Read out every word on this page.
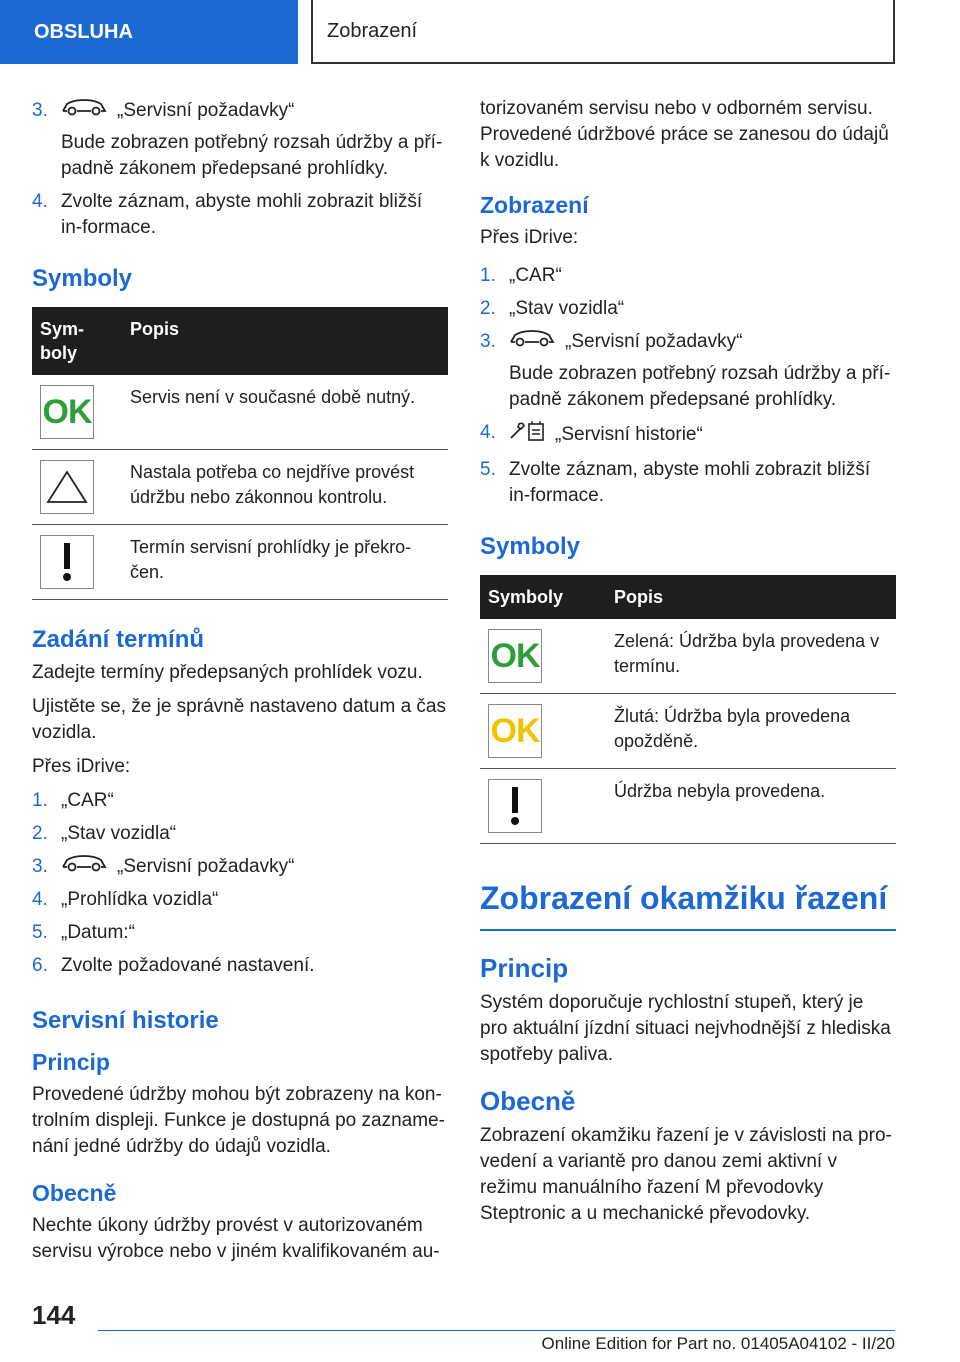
OBSLUHA	Zobrazení
3.	„Servisní požadavky“
Bude zobrazen potřebný rozsah údržby a pří-padně zákonem předepsané prohlídky.
4. Zvolte záznam, abyste mohli zobrazit bližší in-formace.
Symboly
Sym-boly	Popis

OK	Servis není v současné době nutný.

	Nastala potřeba co nejdříve provést údržbu nebo zákonnou kontrolu.

	Termín servisní prohlídky je překro-čen.
Zadání termínů

Zadejte termíny předepsaných prohlídek vozu.

Ujistěte se, že je správně nastaveno datum a čas vozidla.

Přes iDrive:

1. „CAR“
2. „Stav vozidla“
3.	„Servisní požadavky“
4. „Prohlídka vozidla“
5. „Datum:“
6. Zvolte požadované nastavení.
Servisní historie
Princip

Provedené údržby mohou být zobrazeny na kon-trolním displeji. Funkce je dostupná po zazname-nání jedné údržby do údajů vozidla.

Obecně

Nechte úkony údržby provést v autorizovaném servisu výrobce nebo v jiném kvalifikovaném au-

torizovaném servisu nebo v odborném servisu. Provedené údržbové práce se zanesou do údajů k vozidlu.

Zobrazení

Přes iDrive:

1. „CAR“
2. „Stav vozidla“
3.	„Servisní požadavky“
Bude zobrazen potřebný rozsah údržby a pří-padně zákonem předepsané prohlídky.
4.	„Servisní historie“
5. Zvolte záznam, abyste mohli zobrazit bližší in-formace.
Symboly
Symboly	Popis

OK	Zelená: Údržba byla provedena v termínu.

OK	Žlutá: Údržba byla provedena opožděně.

	Údržba nebyla provedena.
Zobrazení okamžiku řazení
Princip

Systém doporučuje rychlostní stupeň, který je pro aktuální jízdní situaci nejvhodnější z hlediska spotřeby paliva.

Obecně

Zobrazení okamžiku řazení je v závislosti na pro-vedení a variantě pro danou zemi aktivní v režimu manuálního řazení M převodovky Steptronic a u mechanické převodovky.

144
Online Edition for Part no. 01405A04102 - II/20
